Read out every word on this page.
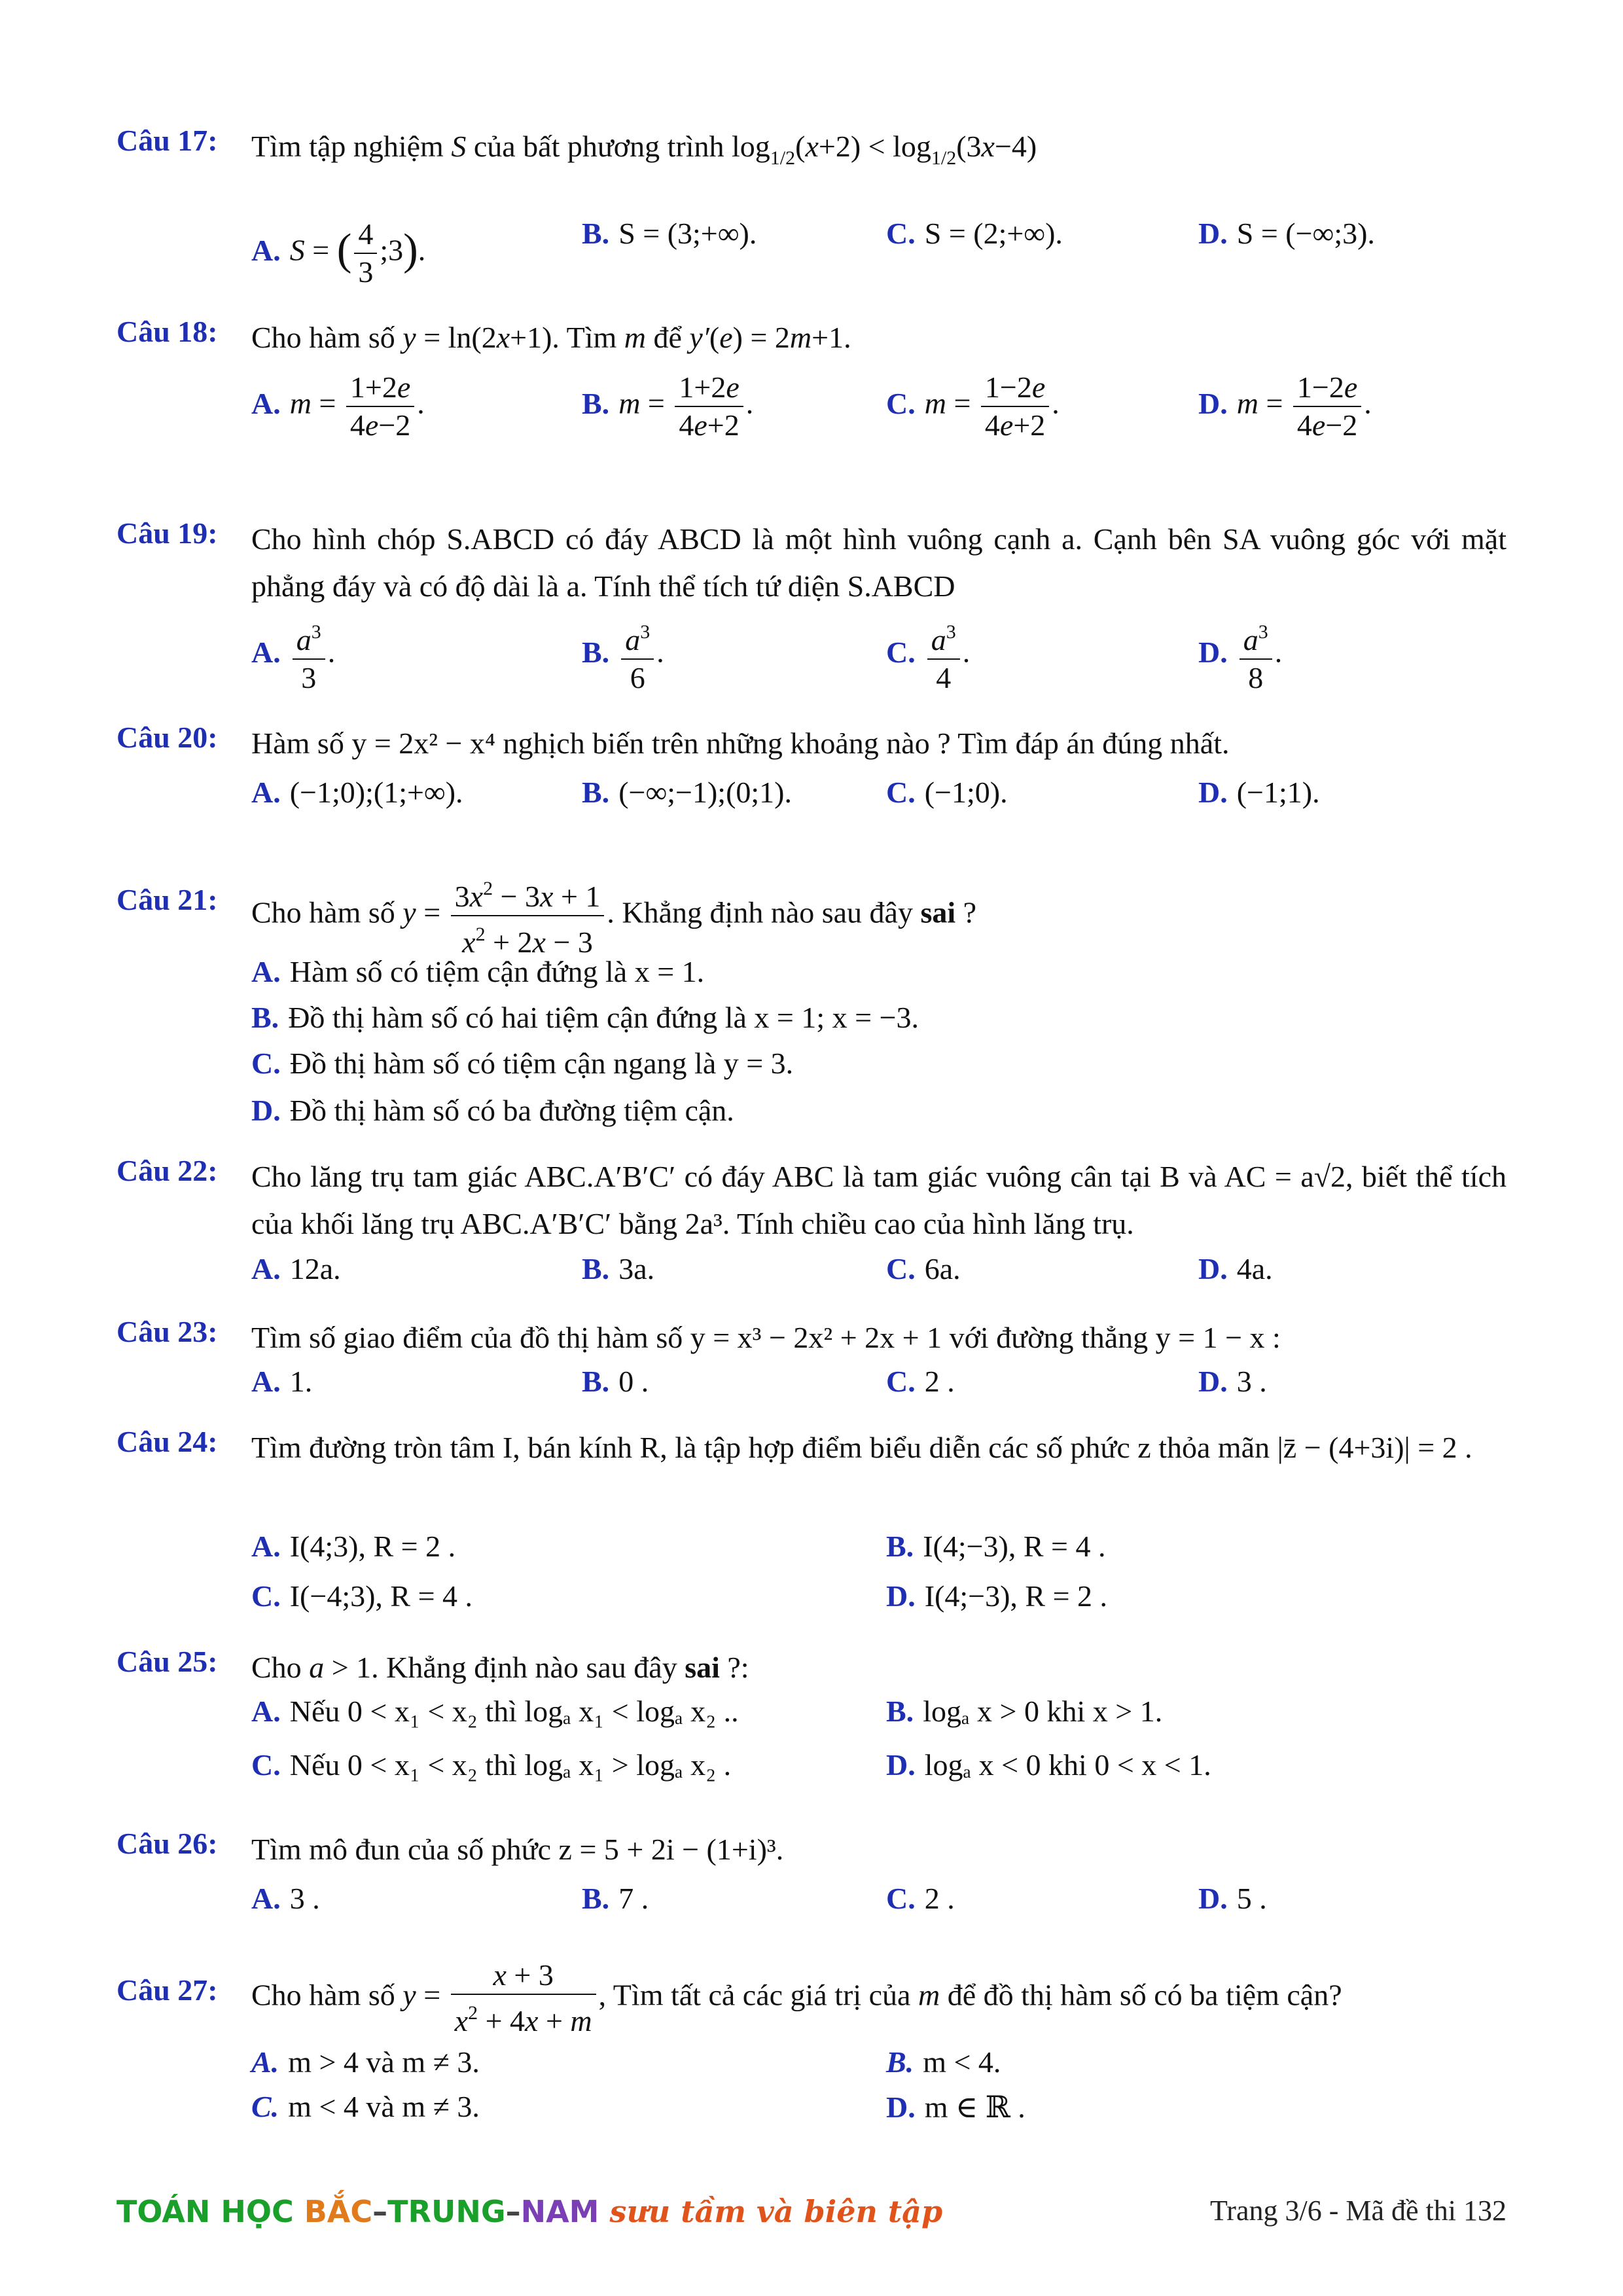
Câu 17: Tìm tập nghiệm S của bất phương trình $\log_{1/2}(x+2) < \log_{1/2}(3x-4)$
A. S = ( $\frac{4}{3}$ ;3).
B. S = (3;+∞).	C. S = (2;+∞).	D. S = (−∞;3).
Câu 18: Cho hàm số y = ln(2x+1). Tìm m để y′(e) = 2m+1.
A. $m = \frac{1+2e}{4e-2}$ .	B. $m = \frac{1+2e}{4e+2}$ .	C. $m = \frac{1-2e}{4e+2}$ .	D. $m = \frac{1-2e}{4e-2}$ .
Câu 19: Cho hình chóp S.ABCD có đáy ABCD là một hình vuông cạnh a. Cạnh bên SA vuông góc với mặt phẳng đáy và có độ dài là a. Tính thể tích tứ diện S.ABCD
A. $\frac{a^3}{3}$ .	B. $\frac{a^3}{6}$ .	C. $\frac{a^3}{4}$ .	D. $\frac{a^3}{8}$ .
Câu 20: Hàm số y = 2x² − x⁴ nghịch biến trên những khoảng nào ? Tìm đáp án đúng nhất.
A. (−1;0);(1;+∞).	B. (−∞;−1);(0;1).	C. (−1;0).	D. (−1;1).
Câu 21: Cho hàm số $y = \frac{3x^2 - 3x + 1}{x^2 + 2x - 3}$ . Khẳng định nào sau đây sai ?
A. Hàm số có tiệm cận đứng là x = 1.
B. Đồ thị hàm số có hai tiệm cận đứng là x = 1; x = −3.
C. Đồ thị hàm số có tiệm cận ngang là y = 3.
D. Đồ thị hàm số có ba đường tiệm cận.
Câu 22: Cho lăng trụ tam giác ABC.A′B′C′ có đáy ABC là tam giác vuông cân tại B và AC = a√2, biết thể tích của khối lăng trụ ABC.A′B′C′ bằng 2a³. Tính chiều cao của hình lăng trụ.
A. 12a.	B. 3a.	C. 6a.	D. 4a.
Câu 23: Tìm số giao điểm của đồ thị hàm số y = x³ − 2x² + 2x + 1 với đường thẳng y = 1 − x :
A. 1.	B. 0 .	C. 2 .	D. 3 .
Câu 24: Tìm đường tròn tâm I, bán kính R, là tập hợp điểm biểu diễn các số phức z thỏa mãn |z̄ − (4+3i)| = 2 .
A. I(4;3), R = 2 .	B. I(4;−3), R = 4 .
C. I(−4;3), R = 4 .	D. I(4;−3), R = 2 .
Câu 25: Cho a > 1. Khẳng định nào sau đây sai ?:
A. Nếu 0 < x₁ < x₂ thì logₐ x₁ < logₐ x₂ ..	B. logₐ x > 0 khi x > 1.
C. Nếu 0 < x₁ < x₂ thì logₐ x₁ > logₐ x₂ .	D. logₐ x < 0 khi 0 < x < 1.
Câu 26: Tìm mô đun của số phức z = 5 + 2i − (1+i)³.
A. 3 .	B. 7 .	C. 2 .	D. 5 .
Câu 27: Cho hàm số $y = \frac{x + 3}{x^2 + 4x + m}$ , Tìm tất cả các giá trị của m để đồ thị hàm số có ba tiệm cận?
A. m > 4 và m ≠ 3.	B. m < 4.
C. m < 4 và m ≠ 3.	D. m ∈ ℝ .
TOÁN HỌC BẮC–TRUNG–NAM sưu tầm và biên tập	Trang 3/6 - Mã đề thi 132
